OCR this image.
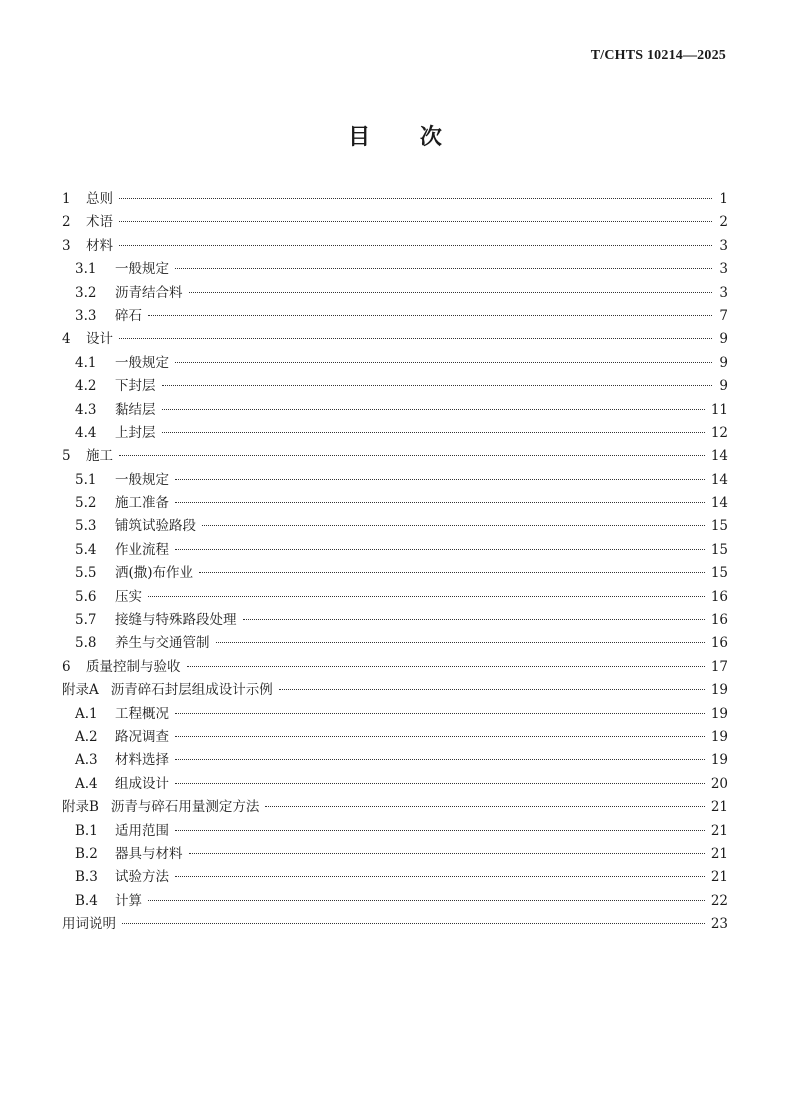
T/CHTS 10214—2025
目 次
1	总则	1
2	术语	2
3	材料	3
3.1	一般规定	3
3.2	沥青结合料	3
3.3	碎石	7
4	设计	9
4.1	一般规定	9
4.2	下封层	9
4.3	黏结层	11
4.4	上封层	12
5	施工	14
5.1	一般规定	14
5.2	施工准备	14
5.3	铺筑试验路段	15
5.4	作业流程	15
5.5	洒(撒)布作业	15
5.6	压实	16
5.7	接缝与特殊路段处理	16
5.8	养生与交通管制	16
6	质量控制与验收	17
附录A 沥青碎石封层组成设计示例	19
A.1	工程概况	19
A.2	路况调查	19
A.3	材料选择	19
A.4	组成设计	20
附录B 沥青与碎石用量测定方法	21
B.1	适用范围	21
B.2	器具与材料	21
B.3	试验方法	21
B.4	计算	22
用词说明	23
